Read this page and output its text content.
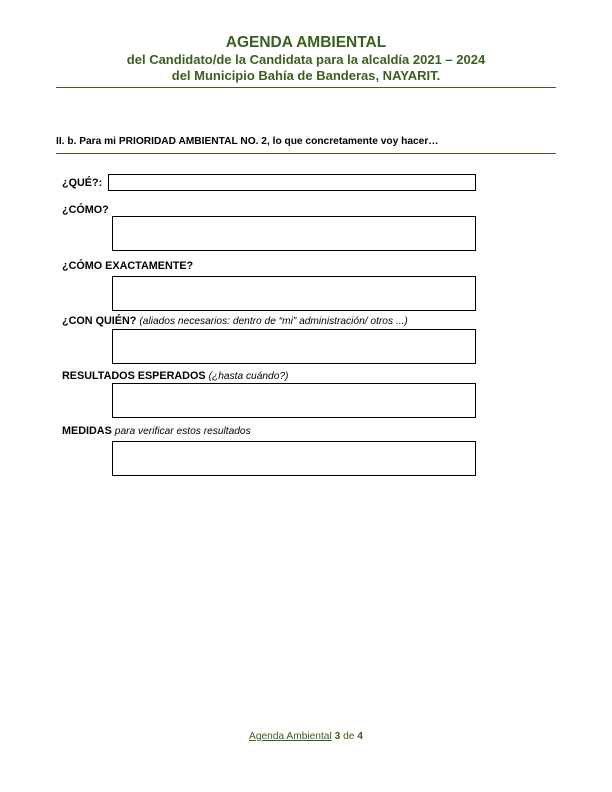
AGENDA AMBIENTAL
del Candidato/de la Candidata para la alcaldía 2021 – 2024
del Municipio Bahía de Banderas, NAYARIT.
II. b. Para mi PRIORIDAD AMBIENTAL NO. 2, lo que concretamente voy hacer…
¿QUÉ?:
¿CÓMO?
¿CÓMO EXACTAMENTE?
¿CON QUIÉN? (aliados necesarios: dentro de “mi” administración/ otros ...)
RESULTADOS ESPERADOS (¿hasta cuándo?)
MEDIDAS para verificar estos resultados
Agenda Ambiental 3 de 4
